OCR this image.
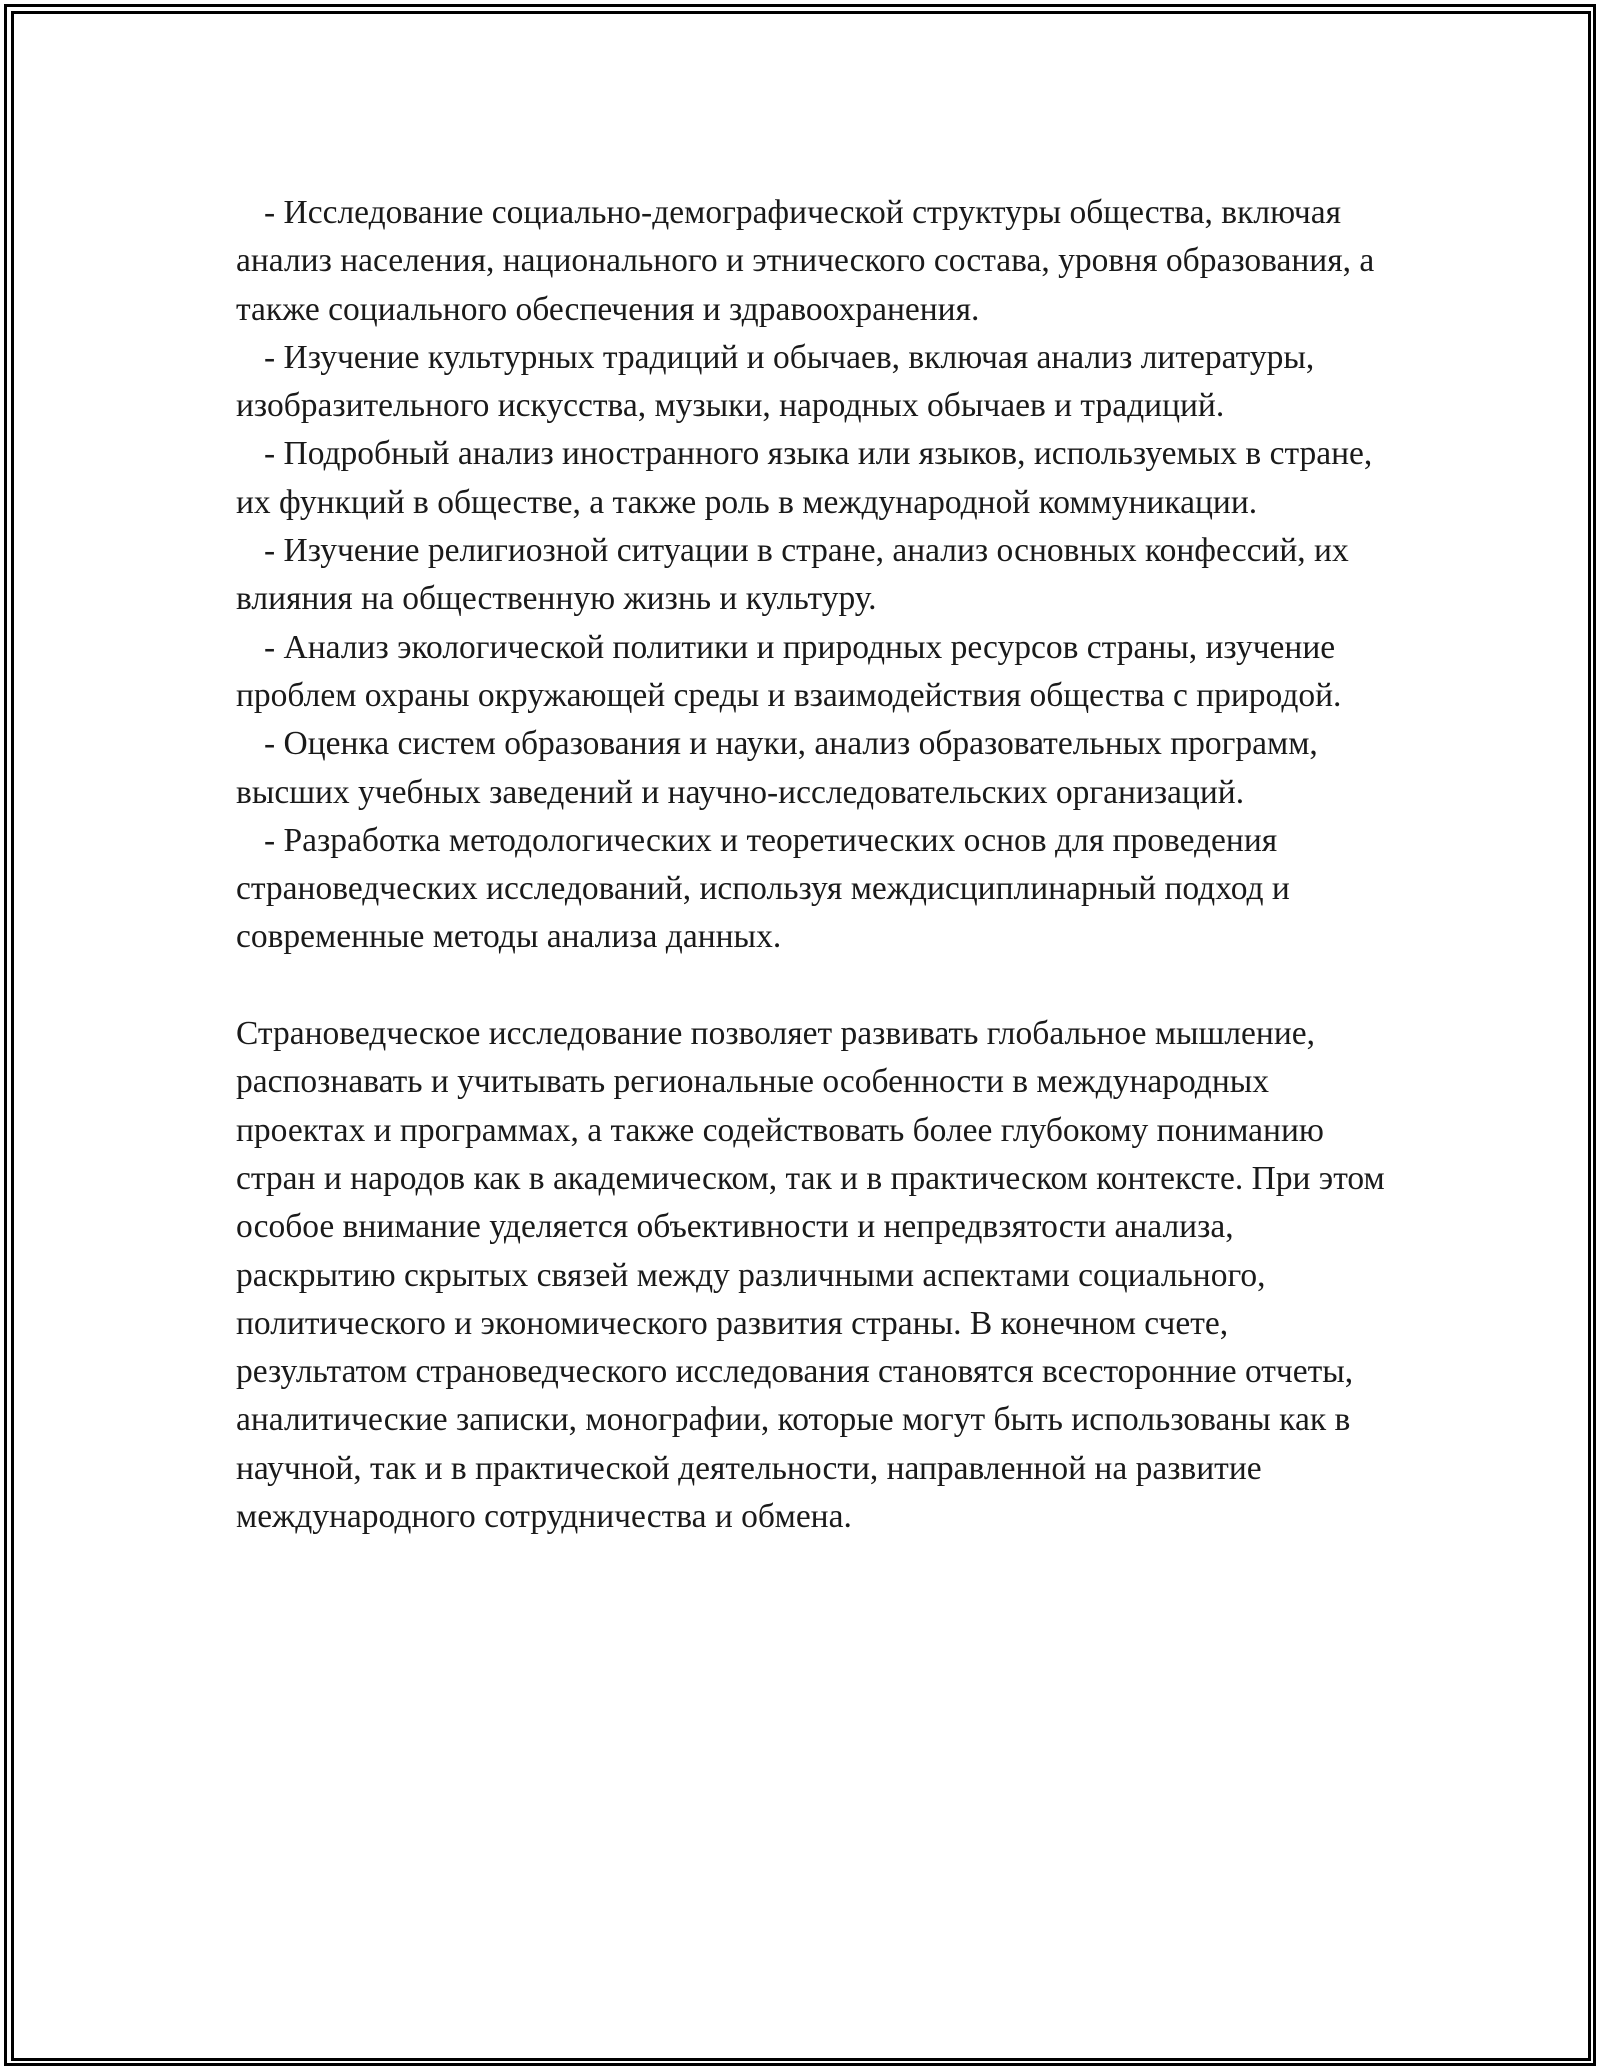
- Исследование социально-демографической структуры общества, включая анализ населения, национального и этнического состава, уровня образования, а также социального обеспечения и здравоохранения.
- Изучение культурных традиций и обычаев, включая анализ литературы, изобразительного искусства, музыки, народных обычаев и традиций.
- Подробный анализ иностранного языка или языков, используемых в стране, их функций в обществе, а также роль в международной коммуникации.
- Изучение религиозной ситуации в стране, анализ основных конфессий, их влияния на общественную жизнь и культуру.
- Анализ экологической политики и природных ресурсов страны, изучение проблем охраны окружающей среды и взаимодействия общества с природой.
- Оценка систем образования и науки, анализ образовательных программ, высших учебных заведений и научно-исследовательских организаций.
- Разработка методологических и теоретических основ для проведения страноведческих исследований, используя междисциплинарный подход и современные методы анализа данных.

Страноведческое исследование позволяет развивать глобальное мышление, распознавать и учитывать региональные особенности в международных проектах и программах, а также содействовать более глубокому пониманию стран и народов как в академическом, так и в практическом контексте. При этом особое внимание уделяется объективности и непредвзятости анализа, раскрытию скрытых связей между различными аспектами социального, политического и экономического развития страны. В конечном счете, результатом страноведческого исследования становятся всесторонние отчеты, аналитические записки, монографии, которые могут быть использованы как в научной, так и в практической деятельности, направленной на развитие международного сотрудничества и обмена.
